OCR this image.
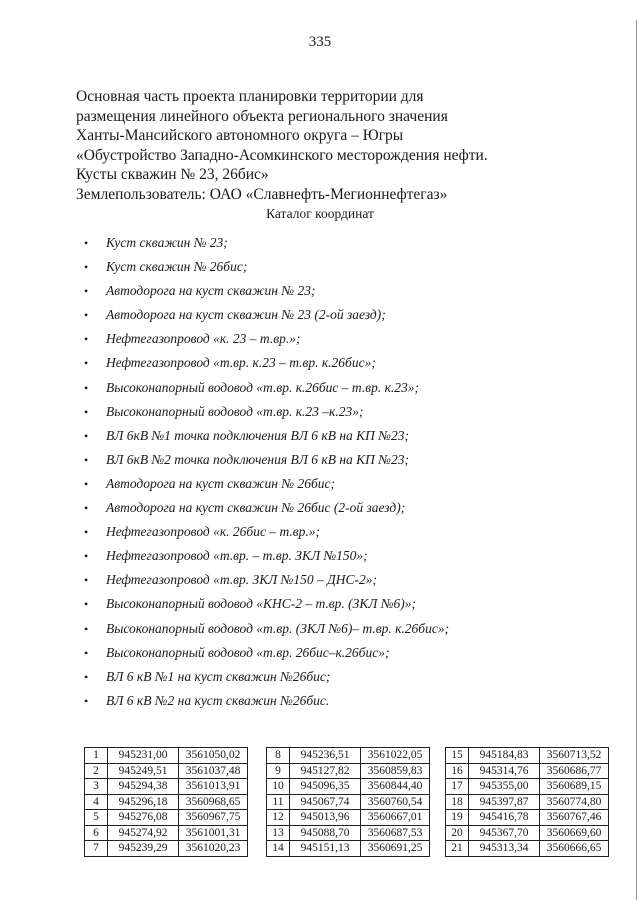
335
Основная часть проекта планировки территории для
размещения линейного объекта регионального значения
Ханты-Мансийского автономного округа – Югры
«Обустройство Западно-Асомкинского месторождения нефти.
Кусты скважин № 23, 26бис»
Землепользователь: ОАО «Славнефть-Мегионнефтегаз»
Каталог координат
• Куст скважин № 23;
• Куст скважин № 26бис;
• Автодорога на куст скважин № 23;
• Автодорога на куст скважин № 23 (2-ой заезд);
• Нефтегазопровод «к. 23 – т.вр.»;
• Нефтегазопровод «т.вр. к.23 – т.вр. к.26бис»;
• Высоконапорный водовод «т.вр. к.26бис – т.вр. к.23»;
• Высоконапорный водовод «т.вр. к.23 –к.23»;
• ВЛ 6кВ №1 точка подключения ВЛ 6 кВ на КП №23;
• ВЛ 6кВ №2 точка подключения ВЛ 6 кВ на КП №23;
• Автодорога на куст скважин № 26бис;
• Автодорога на куст скважин № 26бис (2-ой заезд);
• Нефтегазопровод «к. 26бис – т.вр.»;
• Нефтегазопровод «т.вр. – т.вр. ЗКЛ №150»;
• Нефтегазопровод «т.вр. ЗКЛ №150 – ДНС-2»;
• Высоконапорный водовод «КНС-2 – т.вр. (ЗКЛ №6)»;
• Высоконапорный водовод «т.вр. (ЗКЛ №6)– т.вр. к.26бис»;
• Высоконапорный водовод «т.вр. 26бис–к.26бис»;
• ВЛ 6 кВ №1 на куст скважин №26бис;
• ВЛ 6 кВ №2 на куст скважин №26бис.
1	945231,00	3561050,02
2	945249,51	3561037,48
3	945294,38	3561013,91
4	945296,18	3560968,65
5	945276,08	3560967,75
6	945274,92	3561001,31
7	945239,29	3561020,23
8	945236,51	3561022,05
9	945127,82	3560859,83
10	945096,35	3560844,40
11	945067,74	3560760,54
12	945013,96	3560667,01
13	945088,70	3560687,53
14	945151,13	3560691,25
15	945184,83	3560713,52
16	945314,76	3560686,77
17	945355,00	3560689,15
18	945397,87	3560774,80
19	945416,78	3560767,46
20	945367,70	3560669,60
21	945313,34	3560666,65
